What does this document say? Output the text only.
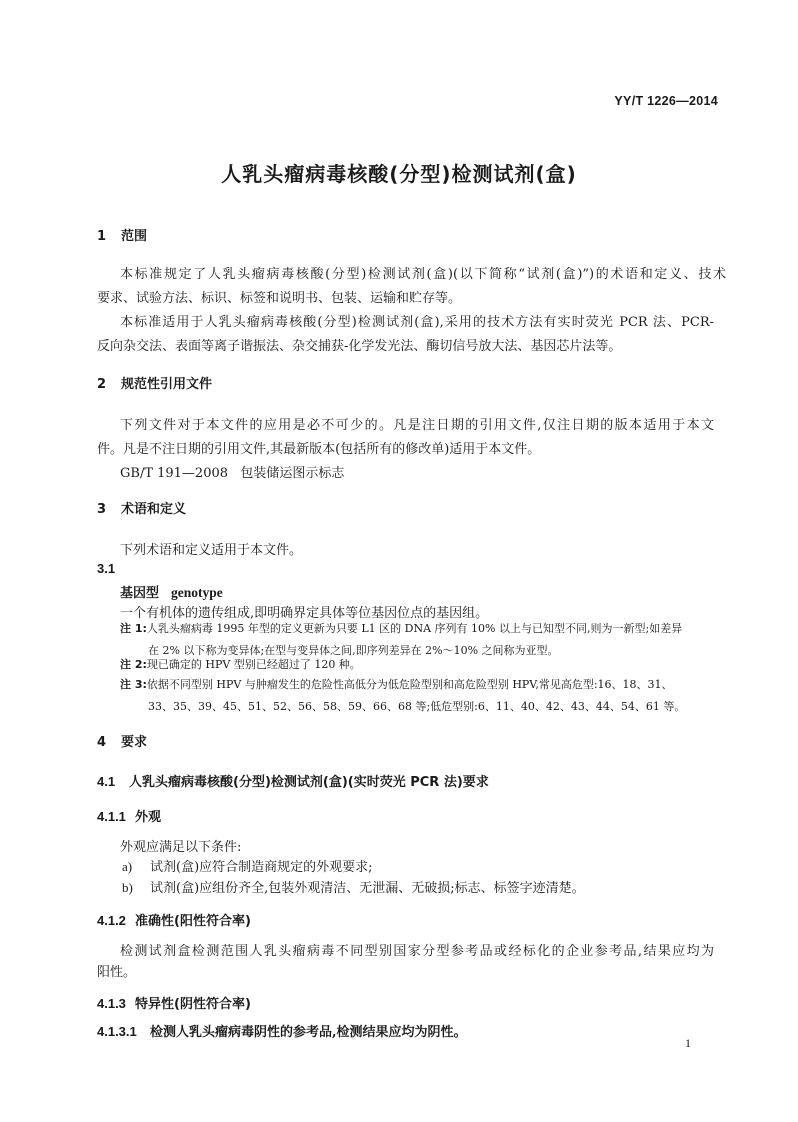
YY/T 1226—2014
人乳头瘤病毒核酸(分型)检测试剂(盒)
1 范围
本标准规定了人乳头瘤病毒核酸(分型)检测试剂(盒)(以下简称“试剂(盒)”)的术语和定义、技术
要求、试验方法、标识、标签和说明书、包装、运输和贮存等。
本标准适用于人乳头瘤病毒核酸(分型)检测试剂(盒),采用的技术方法有实时荧光 PCR 法、PCR-
反向杂交法、表面等离子谐振法、杂交捕获-化学发光法、酶切信号放大法、基因芯片法等。
2 规范性引用文件
下列文件对于本文件的应用是必不可少的。凡是注日期的引用文件,仅注日期的版本适用于本文
件。凡是不注日期的引用文件,其最新版本(包括所有的修改单)适用于本文件。
GB/T 191—2008   包装储运图示标志
3 术语和定义
下列术语和定义适用于本文件。
3.1
基因型 genotype
一个有机体的遗传组成,即明确界定具体等位基因位点的基因组。
注 1:人乳头瘤病毒 1995 年型的定义更新为只要 L1 区的 DNA 序列有 10% 以上与已知型不同,则为一新型;如差异
在 2% 以下称为变异体;在型与变异体之间,即序列差异在 2%～10% 之间称为亚型。
注 2:现已确定的 HPV 型别已经超过了 120 种。
注 3:依据不同型别 HPV 与肿瘤发生的危险性高低分为低危险型别和高危险型别 HPV,常见高危型:16、18、31、
33、35、39、45、51、52、56、58、59、66、68 等;低危型别:6、11、40、42、43、44、54、61 等。
4 要求
4.1 人乳头瘤病毒核酸(分型)检测试剂(盒)(实时荧光 PCR 法)要求
4.1.1 外观
外观应满足以下条件:
a) 试剂(盒)应符合制造商规定的外观要求;
b) 试剂(盒)应组份齐全,包装外观清洁、无泄漏、无破损;标志、标签字迹清楚。
4.1.2 准确性(阳性符合率)
检测试剂盒检测范围人乳头瘤病毒不同型别国家分型参考品或经标化的企业参考品,结果应均为
阳性。
4.1.3 特异性(阴性符合率)
4.1.3.1 检测人乳头瘤病毒阴性的参考品,检测结果应均为阴性。
1
